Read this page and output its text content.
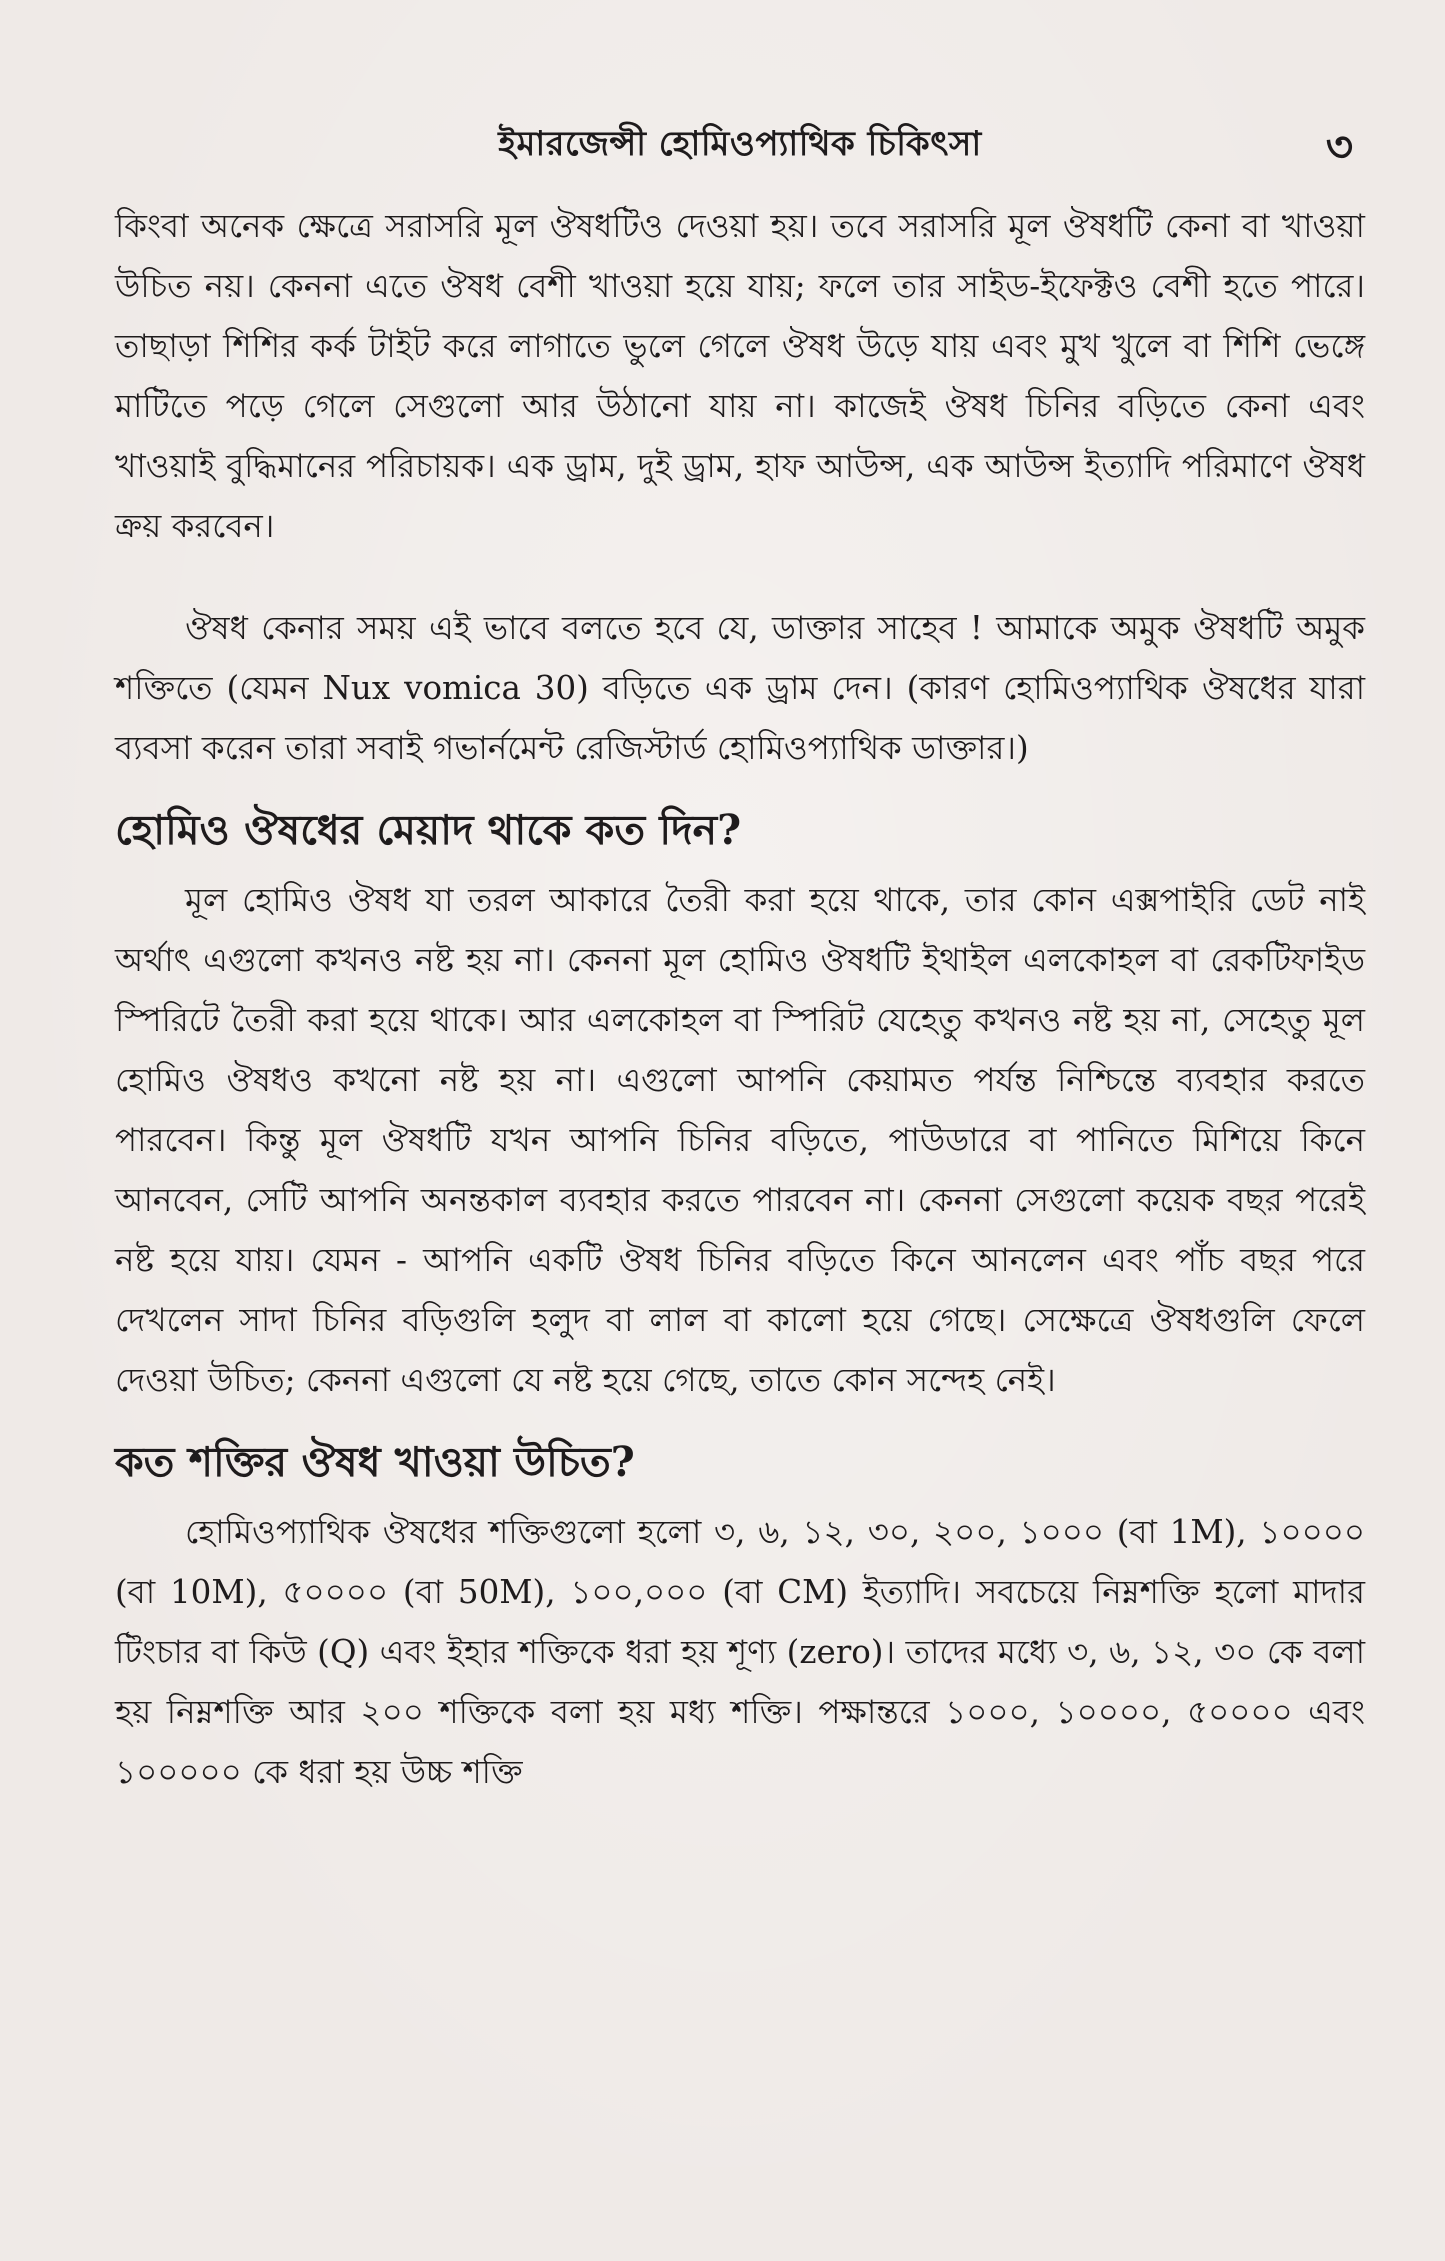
ইমারজেন্সী হোমিওপ্যাথিক চিকিৎসা	৩

কিংবা অনেক ক্ষেত্রে সরাসরি মূল ঔষধটিও দেওয়া হয়। তবে সরাসরি মূল ঔষধটি কেনা বা খাওয়া উচিত নয়। কেননা এতে ঔষধ বেশী খাওয়া হয়ে যায়; ফলে তার সাইড-ইফেক্টও বেশী হতে পারে। তাছাড়া শিশির কর্ক টাইট করে লাগাতে ভুলে গেলে ঔষধ উড়ে যায় এবং মুখ খুলে বা শিশি ভেঙ্গে মাটিতে পড়ে গেলে সেগুলো আর উঠানো যায় না। কাজেই ঔষধ চিনির বড়িতে কেনা এবং খাওয়াই বুদ্ধিমানের পরিচায়ক। এক ড্রাম, দুই ড্রাম, হাফ আউন্স, এক আউন্স ইত্যাদি পরিমাণে ঔষধ ক্রয় করবেন।

ঔষধ কেনার সময় এই ভাবে বলতে হবে যে, ডাক্তার সাহেব ! আমাকে অমুক ঔষধটি অমুক শক্তিতে (যেমন Nux vomica 30) বড়িতে এক ড্রাম দেন। (কারণ হোমিওপ্যাথিক ঔষধের যারা ব্যবসা করেন তারা সবাই গভার্নমেন্ট রেজিস্টার্ড হোমিওপ্যাথিক ডাক্তার।)

হোমিও ঔষধের মেয়াদ থাকে কত দিন?

মূল হোমিও ঔষধ যা তরল আকারে তৈরী করা হয়ে থাকে, তার কোন এক্সপাইরি ডেট নাই অর্থাৎ এগুলো কখনও নষ্ট হয় না। কেননা মূল হোমিও ঔষধটি ইথাইল এলকোহল বা রেকটিফাইড স্পিরিটে তৈরী করা হয়ে থাকে। আর এলকোহল বা স্পিরিট যেহেতু কখনও নষ্ট হয় না, সেহেতু মূল হোমিও ঔষধও কখনো নষ্ট হয় না। এগুলো আপনি কেয়ামত পর্যন্ত নিশ্চিন্তে ব্যবহার করতে পারবেন। কিন্তু মূল ঔষধটি যখন আপনি চিনির বড়িতে, পাউডারে বা পানিতে মিশিয়ে কিনে আনবেন, সেটি আপনি অনন্তকাল ব্যবহার করতে পারবেন না। কেননা সেগুলো কয়েক বছর পরেই নষ্ট হয়ে যায়। যেমন - আপনি একটি ঔষধ চিনির বড়িতে কিনে আনলেন এবং পাঁচ বছর পরে দেখলেন সাদা চিনির বড়িগুলি হলুদ বা লাল বা কালো হয়ে গেছে। সেক্ষেত্রে ঔষধগুলি ফেলে দেওয়া উচিত; কেননা এগুলো যে নষ্ট হয়ে গেছে, তাতে কোন সন্দেহ নেই।

কত শক্তির ঔষধ খাওয়া উচিত?

হোমিওপ্যাথিক ঔষধের শক্তিগুলো হলো ৩, ৬, ১২, ৩০, ২০০, ১০০০ (বা 1M), ১০০০০ (বা 10M), ৫০০০০ (বা 50M), ১০০,০০০ (বা CM) ইত্যাদি। সবচেয়ে নিম্নশক্তি হলো মাদার টিংচার বা কিউ (Q) এবং ইহার শক্তিকে ধরা হয় শূণ্য (zero)। তাদের মধ্যে ৩, ৬, ১২, ৩০ কে বলা হয় নিম্নশক্তি আর ২০০ শক্তিকে বলা হয় মধ্য শক্তি। পক্ষান্তরে ১০০০, ১০০০০, ৫০০০০ এবং ১০০০০০ কে ধরা হয় উচ্চ শক্তি
